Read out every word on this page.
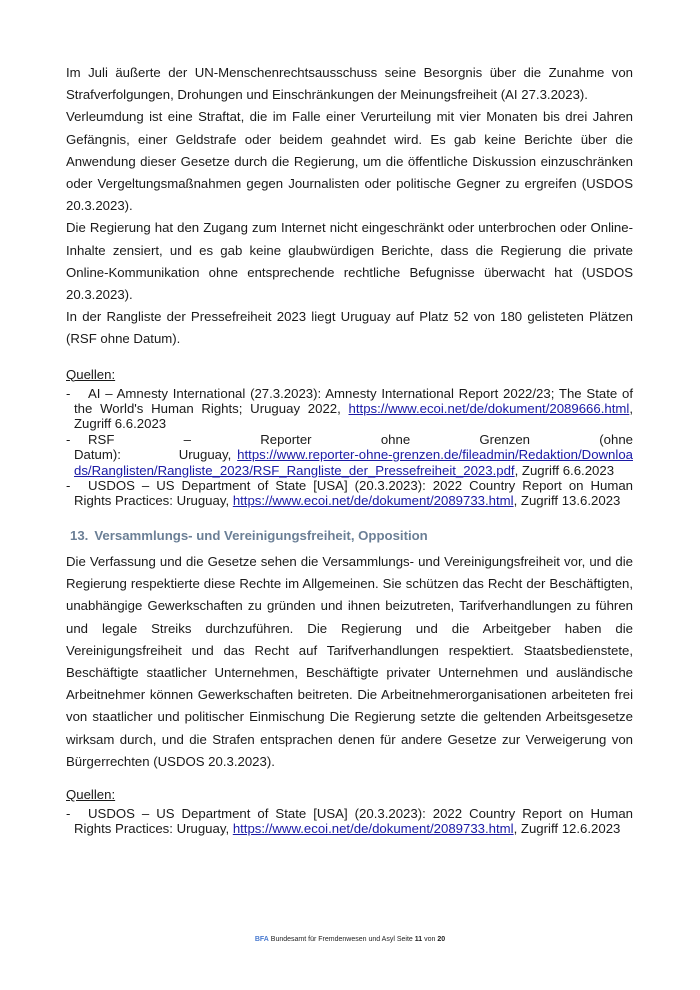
Im Juli äußerte der UN-Menschenrechtsausschuss seine Besorgnis über die Zunahme von Strafverfolgungen, Drohungen und Einschränkungen der Meinungsfreiheit (AI 27.3.2023).

Verleumdung ist eine Straftat, die im Falle einer Verurteilung mit vier Monaten bis drei Jahren Gefängnis, einer Geldstrafe oder beidem geahndet wird. Es gab keine Berichte über die Anwendung dieser Gesetze durch die Regierung, um die öffentliche Diskussion einzuschränken oder Vergeltungsmaßnahmen gegen Journalisten oder politische Gegner zu ergreifen (USDOS 20.3.2023).

Die Regierung hat den Zugang zum Internet nicht eingeschränkt oder unterbrochen oder Online-Inhalte zensiert, und es gab keine glaubwürdigen Berichte, dass die Regierung die private Online-Kommunikation ohne entsprechende rechtliche Befugnisse überwacht hat (USDOS 20.3.2023).

In der Rangliste der Pressefreiheit 2023 liegt Uruguay auf Platz 52 von 180 gelisteten Plätzen (RSF ohne Datum).

Quellen:
-	AI – Amnesty International (27.3.2023): Amnesty International Report 2022/23; The State of the World's Human Rights; Uruguay 2022, https://www.ecoi.net/de/dokument/2089666.html, Zugriff 6.6.2023
-	RSF – Reporter ohne Grenzen (ohne Datum): Uruguay, https://www.reporter-ohne-grenzen.de/fileadmin/Redaktion/Downloads/Ranglisten/Rangliste_2023/RSF_Rangliste_der_Pressefreiheit_2023.pdf, Zugriff 6.6.2023
-	USDOS – US Department of State [USA] (20.3.2023): 2022 Country Report on Human Rights Practices: Uruguay, https://www.ecoi.net/de/dokument/2089733.html, Zugriff 13.6.2023
13. Versammlungs- und Vereinigungsfreiheit, Opposition

Die Verfassung und die Gesetze sehen die Versammlungs- und Vereinigungsfreiheit vor, und die Regierung respektierte diese Rechte im Allgemeinen. Sie schützen das Recht der Beschäftigten, unabhängige Gewerkschaften zu gründen und ihnen beizutreten, Tarifverhandlungen zu führen und legale Streiks durchzuführen. Die Regierung und die Arbeitgeber haben die Vereinigungsfreiheit und das Recht auf Tarifverhandlungen respektiert. Staatsbedienstete, Beschäftigte staatlicher Unternehmen, Beschäftigte privater Unternehmen und ausländische Arbeitnehmer können Gewerkschaften beitreten. Die Arbeitnehmerorganisationen arbeiteten frei von staatlicher und politischer Einmischung Die Regierung setzte die geltenden Arbeitsgesetze wirksam durch, und die Strafen entsprachen denen für andere Gesetze zur Verweigerung von Bürgerrechten (USDOS 20.3.2023).

Quellen:
-	USDOS – US Department of State [USA] (20.3.2023): 2022 Country Report on Human Rights Practices: Uruguay, https://www.ecoi.net/de/dokument/2089733.html, Zugriff 12.6.2023
BFA Bundesamt für Fremdenwesen und Asyl Seite 11 von 20
